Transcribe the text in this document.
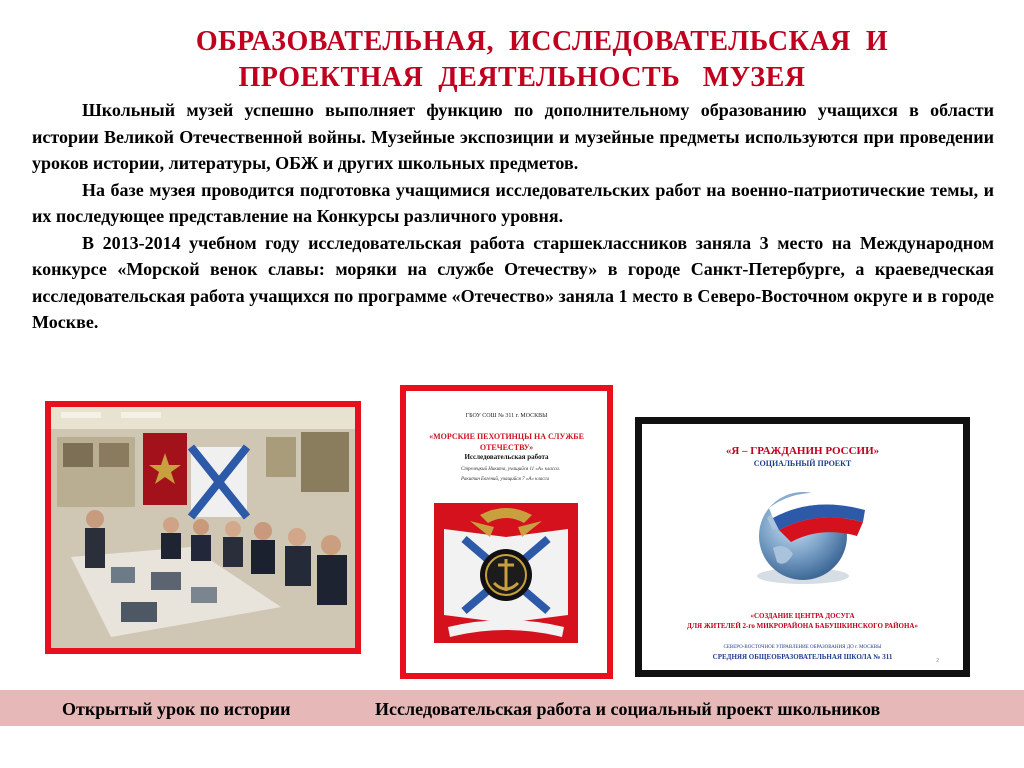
ОБРАЗОВАТЕЛЬНАЯ,  ИССЛЕДОВАТЕЛЬСКАЯ  И
ПРОЕКТНАЯ  ДЕЯТЕЛЬНОСТЬ   МУЗЕЯ

Школьный музей успешно выполняет функцию по дополнительному образованию учащихся в области истории Великой Отечественной войны. Музейные экспозиции и музейные предметы используются при проведении уроков истории, литературы, ОБЖ и других школьных предметов.

На базе музея проводится подготовка учащимися исследовательских работ на военно-патриотические темы, и их последующее представление на Конкурсы различного уровня.

В 2013-2014 учебном году исследовательская работа старшеклассников заняла 3 место на Международном конкурсе «Морской венок славы: моряки на службе Отечеству» в городе Санкт-Петербурге, а краеведческая исследовательская работа учащихся по программе «Отечество» заняла 1 место в Северо-Восточном округе и в городе Москве.

ГБОУ СОШ № 311 г. МОСКВЫ
«МОРСКИЕ ПЕХОТИНЦЫ НА СЛУЖБЕ ОТЕЧЕСТВУ»
Исследовательская работа
Стрелецкий Никита, учащийся 11 «А» класса.
Ракитин Евгений, учащийся 7 «А» класса
«Я – ГРАЖДАНИН РОССИИ»
СОЦИАЛЬНЫЙ ПРОЕКТ
«СОЗДАНИЕ ЦЕНТРА ДОСУГА
ДЛЯ ЖИТЕЛЕЙ 2-го МИКРОРАЙОНА БАБУШКИНСКОГО РАЙОНА»
СЕВЕРО-ВОСТОЧНОЕ УПРАВЛЕНИЕ ОБРАЗОВАНИЯ ДО г. МОСКВЫ
СРЕДНЯЯ ОБЩЕОБРАЗОВАТЕЛЬНАЯ ШКОЛА № 311	2
Открытый урок по истории	Исследовательская работа и социальный проект школьников
